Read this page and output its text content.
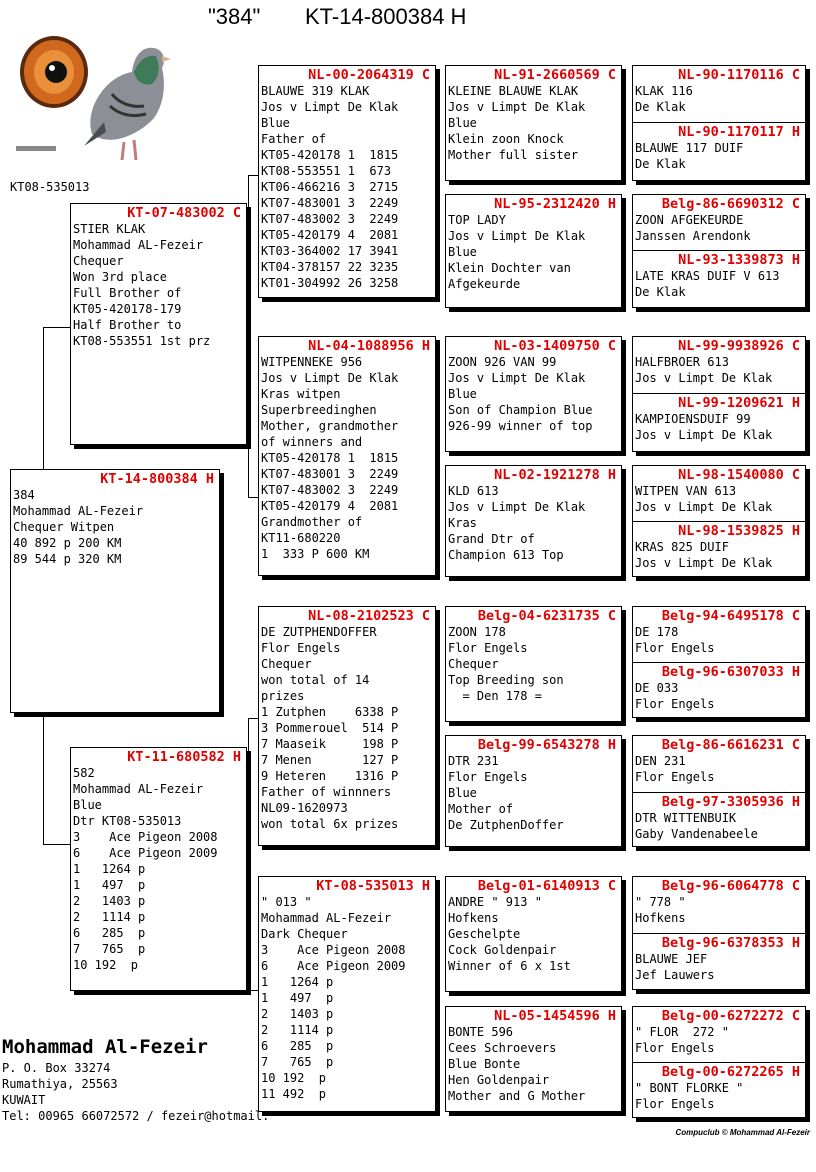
"384" KT-14-800384 H
KT08-535013
KT-14-800384 H
384
Mohammad AL-Fezeir
Chequer Witpen
40 892 p 200 KM
89 544 p 320 KM
KT-07-483002 C
STIER KLAK
Mohammad AL-Fezeir
Chequer
Won 3rd place
Full Brother of
KT05-420178-179
Half Brother to
KT08-553551 1st prz
KT-11-680582 H
582
Mohammad AL-Fezeir
Blue
Dtr KT08-535013
3    Ace Pigeon 2008
6    Ace Pigeon 2009
1   1264 p
1   497  p
2   1403 p
2   1114 p
6   285  p
7   765  p
10 192  p
NL-00-2064319 C
BLAUWE 319 KLAK
Jos v Limpt De Klak
Blue
Father of
KT05-420178 1  1815
KT08-553551 1  673
KT06-466216 3  2715
KT07-483001 3  2249
KT07-483002 3  2249
KT05-420179 4  2081
KT03-364002 17 3941
KT04-378157 22 3235
KT01-304992 26 3258
NL-04-1088956 H
WITPENNEKE 956
Jos v Limpt De Klak
Kras witpen
Superbreedinghen
Mother, grandmother
of winners and
KT05-420178 1  1815
KT07-483001 3  2249
KT07-483002 3  2249
KT05-420179 4  2081
Grandmother of
KT11-680220
1  333 P 600 KM
NL-08-2102523 C
DE ZUTPHENDOFFER
Flor Engels
Chequer
won total of 14
prizes
1 Zutphen    6338 P
3 Pommerouel  514 P
7 Maaseik     198 P
7 Menen       127 P
9 Heteren    1316 P
Father of winnners
NL09-1620973
won total 6x prizes
KT-08-535013 H
" 013 "
Mohammad AL-Fezeir
Dark Chequer
3    Ace Pigeon 2008
6    Ace Pigeon 2009
1   1264 p
1   497  p
2   1403 p
2   1114 p
6   285  p
7   765  p
10 192  p
11 492  p
NL-91-2660569 C
KLEINE BLAUWE KLAK
Jos v Limpt De Klak
Blue
Klein zoon Knock
Mother full sister
NL-95-2312420 H
TOP LADY
Jos v Limpt De Klak
Blue
Klein Dochter van
Afgekeurde
NL-03-1409750 C
ZOON 926 VAN 99
Jos v Limpt De Klak
Blue
Son of Champion Blue
926-99 winner of top
NL-02-1921278 H
KLD 613
Jos v Limpt De Klak
Kras
Grand Dtr of
Champion 613 Top
Belg-04-6231735 C
ZOON 178
Flor Engels
Chequer
Top Breeding son
= Den 178 =
Belg-99-6543278 H
DTR 231
Flor Engels
Blue
Mother of
De ZutphenDoffer
Belg-01-6140913 C
ANDRE " 913 "
Hofkens
Geschelpte
Cock Goldenpair
Winner of 6 x 1st
NL-05-1454596 H
BONTE 596
Cees Schroevers
Blue Bonte
Hen Goldenpair
Mother and G Mother
NL-90-1170116 C
KLAK 116
De Klak
NL-90-1170117 H
BLAUWE 117 DUIF
De Klak
Belg-86-6690312 C
ZOON AFGEKEURDE
Janssen Arendonk
NL-93-1339873 H
LATE KRAS DUIF V 613
De Klak
NL-99-9938926 C
HALFBROER 613
Jos v Limpt De Klak
NL-99-1209621 H
KAMPIOENSDUIF 99
Jos v Limpt De Klak
NL-98-1540080 C
WITPEN VAN 613
Jos v Limpt De Klak
NL-98-1539825 H
KRAS 825 DUIF
Jos v Limpt De Klak
Belg-94-6495178 C
DE 178
Flor Engels
Belg-96-6307033 H
DE 033
Flor Engels
Belg-86-6616231 C
DEN 231
Flor Engels
Belg-97-3305936 H
DTR WITTENBUIK
Gaby Vandenabeele
Belg-96-6064778 C
" 778 "
Hofkens
Belg-96-6378353 H
BLAUWE JEF
Jef Lauwers
Belg-00-6272272 C
" FLOR  272 "
Flor Engels
Belg-00-6272265 H
" BONT FLORKE "
Flor Engels
Mohammad Al-Fezeir
P. O. Box 33274
Rumathiya, 25563
KUWAIT
Tel: 00965 66072572 / fezeir@hotmail.
Compuclub © Mohammad Al-Fezeir
